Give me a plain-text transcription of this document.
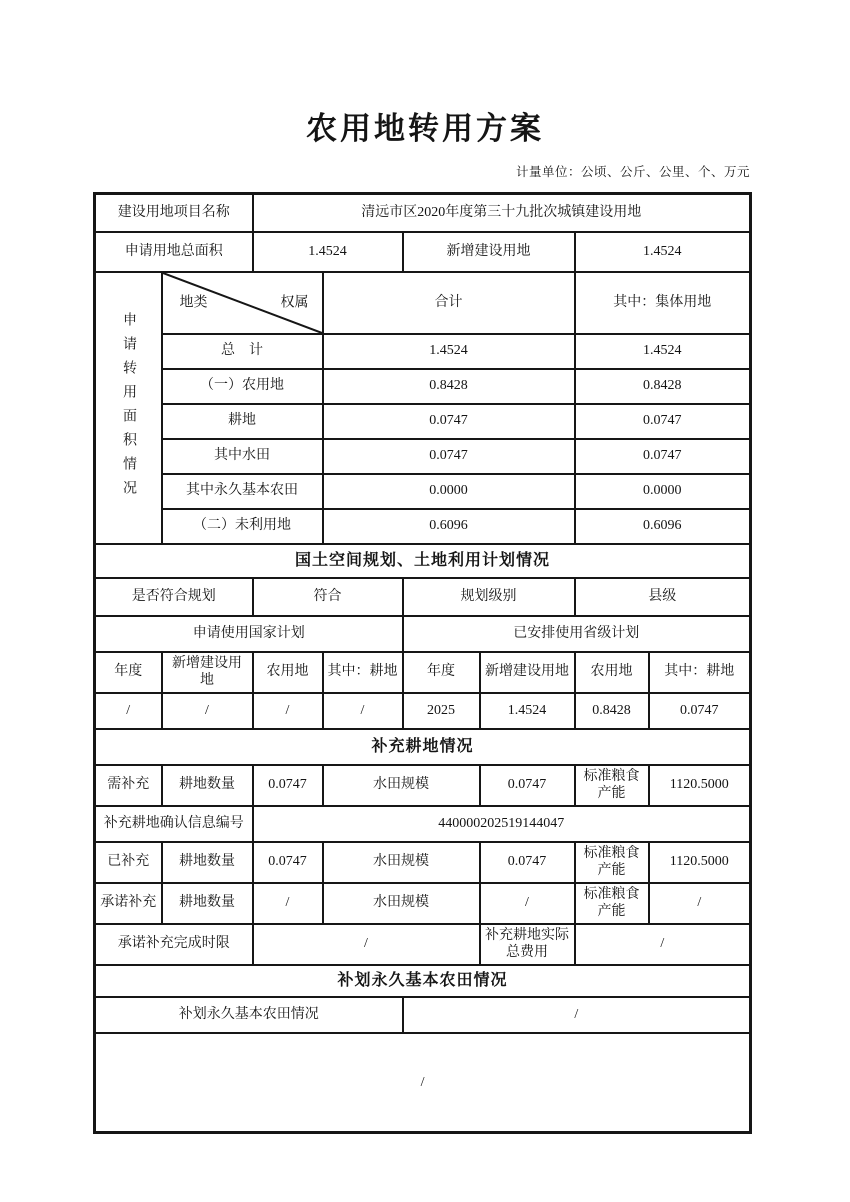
农用地转用方案
计量单位：公顷、公斤、公里、个、万元
建设用地项目名称		清远市区2020年度第三十九批次城镇建设用地					
申请用地总面积		1.4524		新增建设用地		1.4524	
申请转用面积情况	地类 权属		合计			其中：集体用地	
	总　计		1.4524			1.4524	
	（一）农用地		0.8428			0.8428	
	耕地		0.0747			0.0747	
	其中水田		0.0747			0.0747	
	其中永久基本农田		0.0000			0.0000	
	（二）未利用地		0.6096			0.6096	
国土空间规划、土地利用计划情况							
是否符合规划		符合		规划级别		县级	
申请使用国家计划				已安排使用省级计划			
年度	新增建设用地	农用地	其中：耕地	年度	新增建设用地	农用地	其中：耕地
/	/	/	/	2025	1.4524	0.8428	0.0747
补充耕地情况							
需补充	耕地数量	0.0747	水田规模		0.0747	标准粮食产能	1120.5000
补充耕地确认信息编号		440000202519144047					
已补充	耕地数量	0.0747	水田规模		0.0747	标准粮食产能	1120.5000
承诺补充	耕地数量	/	水田规模		/	标准粮食产能	/
承诺补充完成时限		/			补充耕地实际总费用	/	
补划永久基本农田情况							
补划永久基本农田情况				/			
/							
